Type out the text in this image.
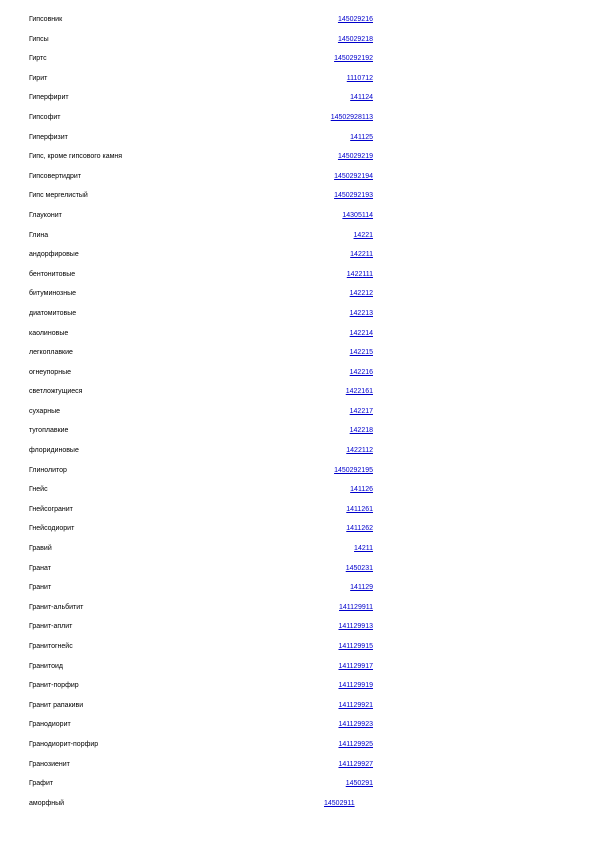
Гипсовник	145029216
Гипсы	145029218
Гиртс	1450292192
Гирит	1110712
Гиперфирит	141124
Гипсофит	14502928113
Гиперфизит	141125
Гипс, кроме гипсового камня	145029219
Гипсовертидрит	1450292194
Гипс мергелистый	1450292193
Глауконит	14305114
Глина	14221
андорфировые	142211
бентонитовые	1422111
битуминозные	142212
диатомитовые	142213
каолиновые	142214
легкоплавкие	142215
огнеупорные	142216
светложгущиеся	1422161
сухарные	142217
тугоплавкие	142218
флоридиновые	1422112
Глинолитор	1450292195
Гнейс	141126
Гнейсогранит	1411261
Гнейсодиорит	1411262
Гравий	14211
Гранат	1450231
Гранит	141129
Гранит-альбитит	141129911
Гранит-аплит	141129913
Гранитогнейс	141129915
Гранитоид	141129917
Гранит-порфир	141129919
Гранит рапакиви	141129921
Гранодиорит	141129923
Гранодиорит-порфир	141129925
Гранозиенит	141129927
Графит	1450291
аморфный	14502911
